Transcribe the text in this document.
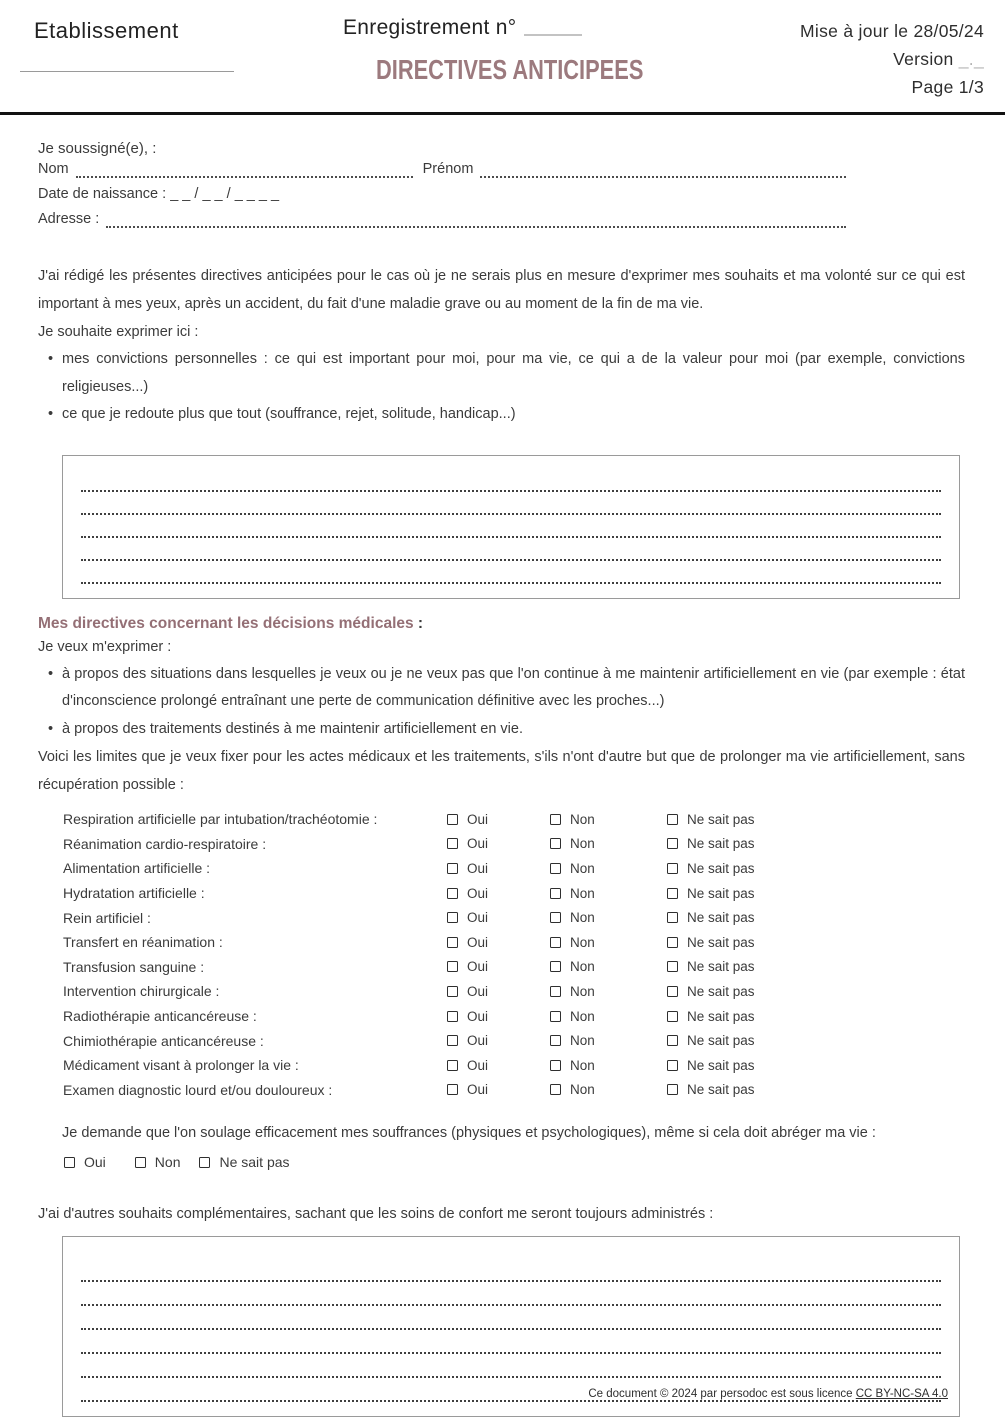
Etablissement	Enregistrement n°
DIRECTIVES ANTICIPEES
Mise à jour le 28/05/24
Version _._
Page 1/3
Je soussigné(e), :
Nom	Prénom
Date de naissance :
_ _ / _ _ / _ _ _ _
Adresse :

J'ai rédigé les présentes directives anticipées pour le cas où je ne serais plus en mesure d'exprimer mes souhaits et ma volonté sur ce qui est important à mes yeux, après un accident, du fait d'une maladie grave ou au moment de la fin de ma vie.

Je souhaite exprimer ici :

• mes convictions personnelles : ce qui est important pour moi, pour ma vie, ce qui a de la valeur pour moi (par exemple, convictions religieuses...)
• ce que je redoute plus que tout (souffrance, rejet, solitude, handicap...)
Mes directives concernant les décisions médicales :

Je veux m'exprimer :

• à propos des situations dans lesquelles je veux ou je ne veux pas que l'on continue à me maintenir artificiellement en vie (par exemple : état d'inconscience prolongé entraînant une perte de communication définitive avec les proches...)
• à propos des traitements destinés à me maintenir artificiellement en vie.

Voici les limites que je veux fixer pour les actes médicaux et les traitements, s'ils n'ont d'autre but que de prolonger ma vie artificiellement, sans récupération possible :

Respiration artificielle par intubation/trachéotomie :	Oui	Non	Ne sait pas
Réanimation cardio-respiratoire :	Oui	Non	Ne sait pas
Alimentation artificielle :	Oui	Non	Ne sait pas
Hydratation artificielle :	Oui	Non	Ne sait pas
Rein artificiel :	Oui	Non	Ne sait pas
Transfert en réanimation :	Oui	Non	Ne sait pas
Transfusion sanguine :	Oui	Non	Ne sait pas
Intervention chirurgicale :	Oui	Non	Ne sait pas
Radiothérapie anticancéreuse :	Oui	Non	Ne sait pas
Chimiothérapie anticancéreuse :	Oui	Non	Ne sait pas
Médicament visant à prolonger la vie :	Oui	Non	Ne sait pas
Examen diagnostic lourd et/ou douloureux :	Oui	Non	Ne sait pas

Je demande que l'on soulage efficacement mes souffrances (physiques et psychologiques), même si cela doit abréger ma vie :

Oui	Non	Ne sait pas

J'ai d'autres souhaits complémentaires, sachant que les soins de confort me seront toujours administrés :

Ce document © 2024 par persodoc est sous licence CC BY-NC-SA 4.0
